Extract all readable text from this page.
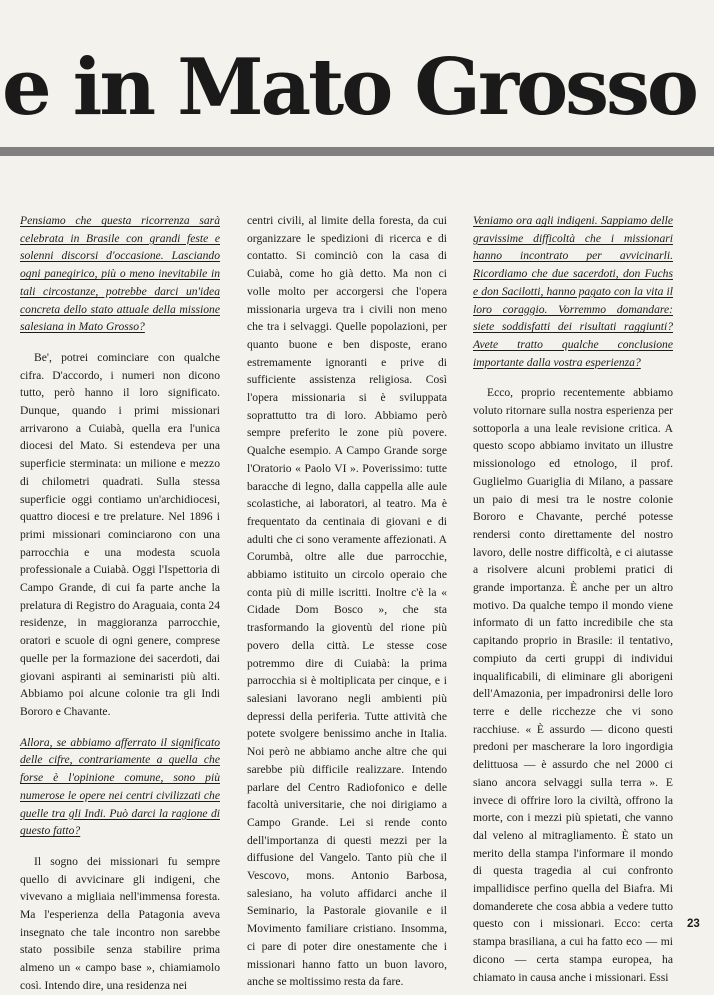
e in Mato Grosso

Pensiamo che questa ricorrenza sarà celebrata in Brasile con grandi feste e solenni discorsi d'occasione. Lasciando ogni panegirico, più o meno inevitabile in tali circostanze, potrebbe darci un'idea concreta dello stato attuale della missione salesiana in Mato Grosso?

Be', potrei cominciare con qualche cifra. D'accordo, i numeri non dicono tutto, però hanno il loro significato. Dunque, quando i primi missionari arrivarono a Cuiabà, quella era l'unica diocesi del Mato. Si estendeva per una superficie sterminata: un milione e mezzo di chilometri quadrati. Sulla stessa superficie oggi contiamo un'archidiocesi, quattro diocesi e tre prelature. Nel 1896 i primi missionari cominciarono con una parrocchia e una modesta scuola professionale a Cuiabà. Oggi l'Ispettoria di Campo Grande, di cui fa parte anche la prelatura di Registro do Araguaia, conta 24 residenze, in maggioranza parrocchie, oratori e scuole di ogni genere, comprese quelle per la formazione dei sacerdoti, dai giovani aspiranti ai seminaristi più alti. Abbiamo poi alcune colonie tra gli Indi Bororo e Chavante.

Allora, se abbiamo afferrato il significato delle cifre, contrariamente a quella che forse è l'opinione comune, sono più numerose le opere nei centri civilizzati che quelle tra gli Indi. Può darci la ragione di questo fatto?

Il sogno dei missionari fu sempre quello di avvicinare gli indigeni, che vivevano a migliaia nell'immensa foresta. Ma l'esperienza della Patagonia aveva insegnato che tale incontro non sarebbe stato possibile senza stabilire prima almeno un « campo base », chiamiamolo così. Intendo dire, una residenza nei

centri civili, al limite della foresta, da cui organizzare le spedizioni di ricerca e di contatto. Si cominciò con la casa di Cuiabà, come ho già detto. Ma non ci volle molto per accorgersi che l'opera missionaria urgeva tra i civili non meno che tra i selvaggi. Quelle popolazioni, per quanto buone e ben disposte, erano estremamente ignoranti e prive di sufficiente assistenza religiosa. Così l'opera missionaria si è sviluppata soprattutto tra di loro. Abbiamo però sempre preferito le zone più povere. Qualche esempio. A Campo Grande sorge l'Oratorio « Paolo VI ». Poverissimo: tutte baracche di legno, dalla cappella alle aule scolastiche, ai laboratori, al teatro. Ma è frequentato da centinaia di giovani e di adulti che ci sono veramente affezionati. A Corumbà, oltre alle due parrocchie, abbiamo istituito un circolo operaio che conta più di mille iscritti. Inoltre c'è la « Cidade Dom Bosco », che sta trasformando la gioventù del rione più povero della città. Le stesse cose potremmo dire di Cuiabà: la prima parrocchia si è moltiplicata per cinque, e i salesiani lavorano negli ambienti più depressi della periferia. Tutte attività che potete svolgere benissimo anche in Italia. Noi però ne abbiamo anche altre che qui sarebbe più difficile realizzare. Intendo parlare del Centro Radiofonico e delle facoltà universitarie, che noi dirigiamo a Campo Grande. Lei si rende conto dell'importanza di questi mezzi per la diffusione del Vangelo. Tanto più che il Vescovo, mons. Antonio Barbosa, salesiano, ha voluto affidarci anche il Seminario, la Pastorale giovanile e il Movimento familiare cristiano. Insomma, ci pare di poter dire onestamente che i missionari hanno fatto un buon lavoro, anche se moltissimo resta da fare.

Veniamo ora agli indigeni. Sappiamo delle gravissime difficoltà che i missionari hanno incontrato per avvicinarli. Ricordiamo che due sacerdoti, don Fuchs e don Sacilotti, hanno pagato con la vita il loro coraggio. Vorremmo domandare: siete soddisfatti dei risultati raggiunti? Avete tratto qualche conclusione importante dalla vostra esperienza?

Ecco, proprio recentemente abbiamo voluto ritornare sulla nostra esperienza per sottoporla a una leale revisione critica. A questo scopo abbiamo invitato un illustre missionologo ed etnologo, il prof. Guglielmo Guariglia di Milano, a passare un paio di mesi tra le nostre colonie Bororo e Chavante, perché potesse rendersi conto direttamente del nostro lavoro, delle nostre difficoltà, e ci aiutasse a risolvere alcuni problemi pratici di grande importanza. È anche per un altro motivo. Da qualche tempo il mondo viene informato di un fatto incredibile che sta capitando proprio in Brasile: il tentativo, compiuto da certi gruppi di individui inqualificabili, di eliminare gli aborigeni dell'Amazonia, per impadronirsi delle loro terre e delle ricchezze che vi sono racchiuse. « È assurdo — dicono questi predoni per mascherare la loro ingordigia delittuosa — è assurdo che nel 2000 ci siano ancora selvaggi sulla terra ». E invece di offrire loro la civiltà, offrono la morte, con i mezzi più spietati, che vanno dal veleno al mitragliamento. È stato un merito della stampa l'informare il mondo di questa tragedia al cui confronto impallidisce perfino quella del Biafra. Mi domanderete che cosa abbia a vedere tutto questo con i missionari. Ecco: certa stampa brasiliana, a cui ha fatto eco — mi dicono — certa stampa europea, ha chiamato in causa anche i missionari. Essi

23
